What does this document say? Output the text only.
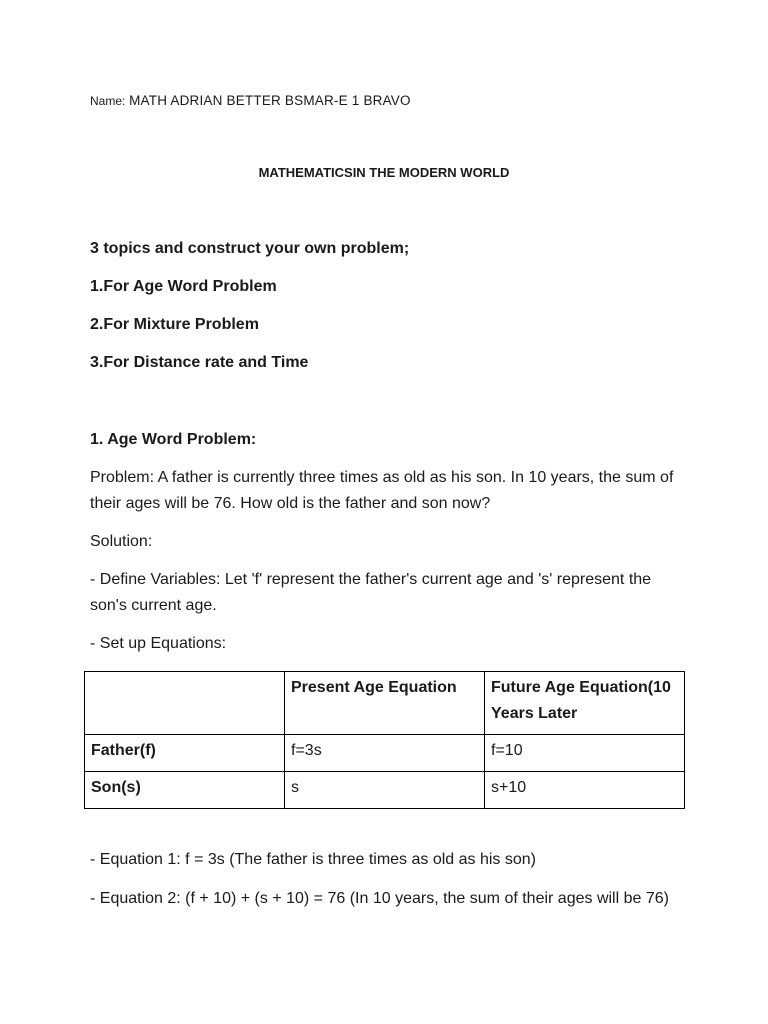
Name: MATH ADRIAN BETTER BSMAR-E 1 BRAVO
MATHEMATICSIN THE MODERN WORLD
3 topics and construct your own problem;
1.For Age Word Problem
2.For Mixture Problem
3.For Distance rate and Time
1. Age Word Problem:
Problem: A father is currently three times as old as his son. In 10 years, the sum of their ages will be 76. How old is the father and son now?
Solution:
- Define Variables: Let 'f' represent the father's current age and 's' represent the son's current age.
- Set up Equations:
	Present Age Equation	Future Age Equation(10 Years Later
Father(f)	f=3s	f=10
Son(s)	s	s+10
- Equation 1: f = 3s (The father is three times as old as his son)
- Equation 2: (f + 10) + (s + 10) = 76 (In 10 years, the sum of their ages will be 76)
